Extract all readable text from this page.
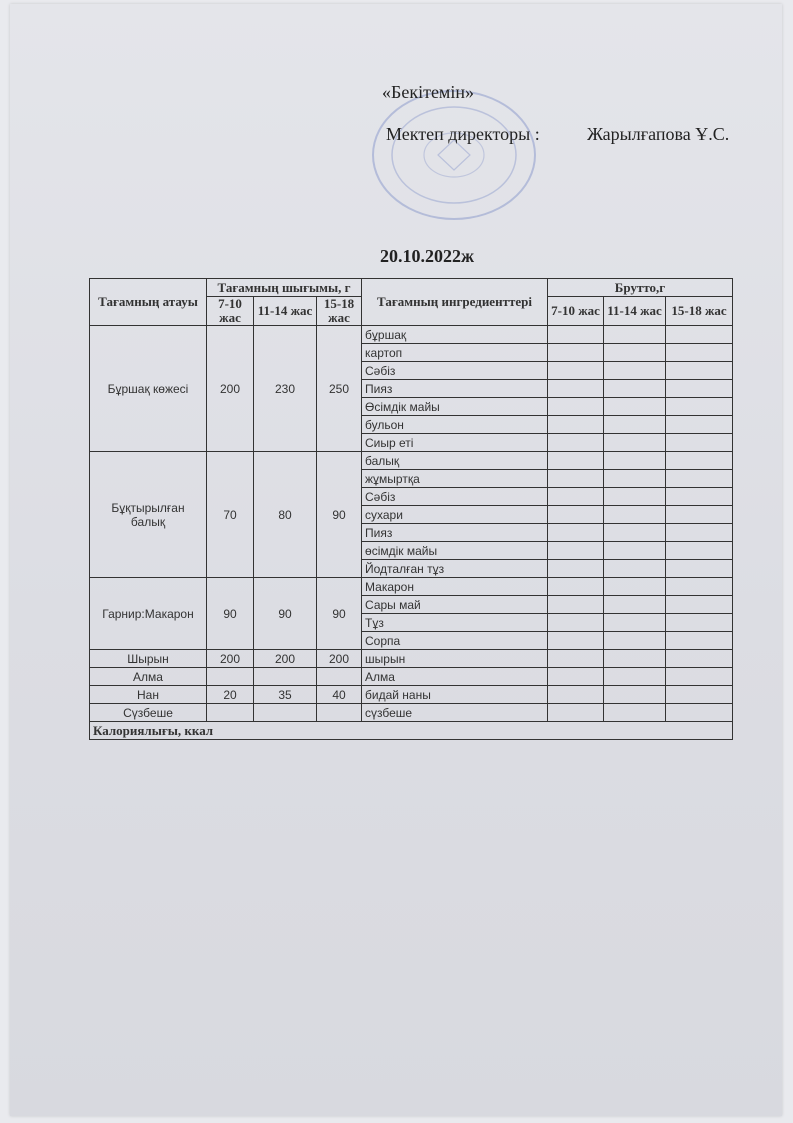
«Бекітемін»
Мектеп директоры :	Жарылғапова Ұ.С.
20.10.2022ж
Тағамның атауы	Тағамның шығымы, г			Тағамның ингредиенттері	Брутто,г		
	7-10 жас	11-14 жас	15-18 жас		7-10 жас	11-14 жас	15-18 жас
Бұршақ көжесі	200	230	250	бұршақ			
				картоп			
				Сәбіз			
				Пияз			
				Өсімдік майы			
				бульон			
				Сиыр еті			
Бұқтырылған балық	70	80	90	балық			
				жұмыртқа			
				Сәбіз			
				сухари			
				Пияз			
				өсімдік майы			
				Йодталған тұз			
Гарнир:Макарон	90	90	90	Макарон			
				Сары май			
				Тұз			
				Сорпа			
Шырын	200	200	200	шырын			
Алма				Алма			
Нан	20	35	40	бидай наны			
Сүзбеше				сүзбеше			
Калориялығы, ккал							
